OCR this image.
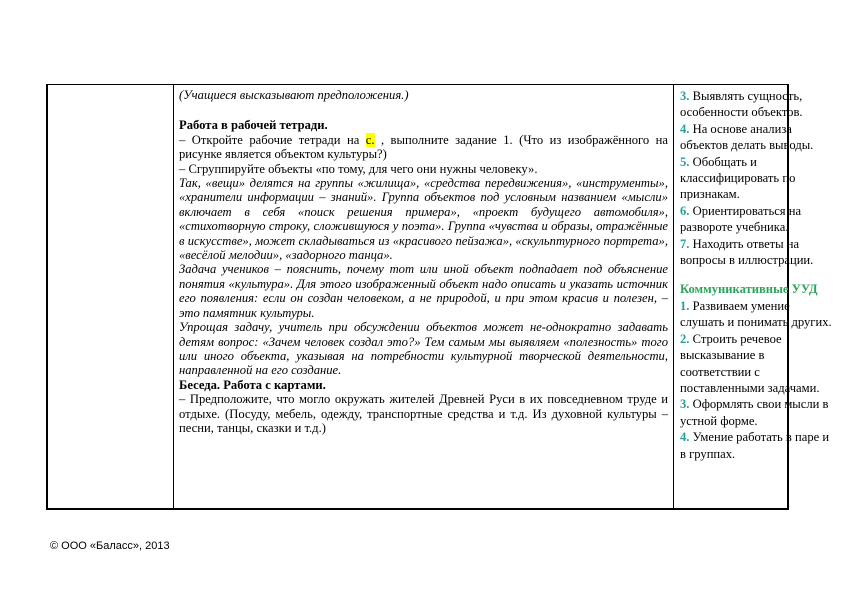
(Учащиеся высказывают предположения.)

Работа в рабочей тетради.

– Откройте рабочие тетради на с. , выполните задание 1. (Что из изображённого на рисунке является объектом культуры?)

– Сгруппируйте объекты «по тому, для чего они нужны человеку».

Так, «вещи» делятся на группы «жилища», «средства передвижения», «инструменты», «хранители информации – знаний». Группа объектов под условным названием «мысли» включает в себя «поиск решения примера», «проект будущего автомобиля», «стихотворную строку, сложившуюся у поэта». Группа «чувства и образы, отражённые в искусстве», может складываться из «красивого пейзажа», «скульптурного портрета», «весёлой мелодии», «задорного танца».

Задача учеников – пояснить, почему тот или иной объект подпадает под объяснение понятия «культура». Для этого изображенный объект надо описать и указать источник его появления: если он создан человеком, а не природой, и при этом красив и полезен, – это памятник культуры.

Упрощая задачу, учитель при обсуждении объектов может не-однократно задавать детям вопрос: «Зачем человек создал это?» Тем самым мы выявляем «полезность» того или иного объекта, указывая на потребности культурной творческой деятельности, направленной на его создание.

Беседа. Работа с картами.

– Предположите, что могло окружать жителей Древней Руси в их повседневном труде и отдыхе. (Посуду, мебель, одежду, транспортные средства и т.д. Из духовной культуры – песни, танцы, сказки и т.д.)

3. Выявлять сущность, особенности объектов.

4. На основе анализа объектов делать выводы.

5. Обобщать и классифицировать по признакам.

6. Ориентироваться на развороте учебника.

7. Находить ответы на вопросы в иллюстрации.

Коммуникативные УУД

1. Развиваем умение слушать и понимать других.

2. Строить речевое высказывание в соответствии с поставленными задачами.

3. Оформлять свои мысли в устной форме.

4. Умение работать в паре и в группах.

© ООО «Баласс», 2013
